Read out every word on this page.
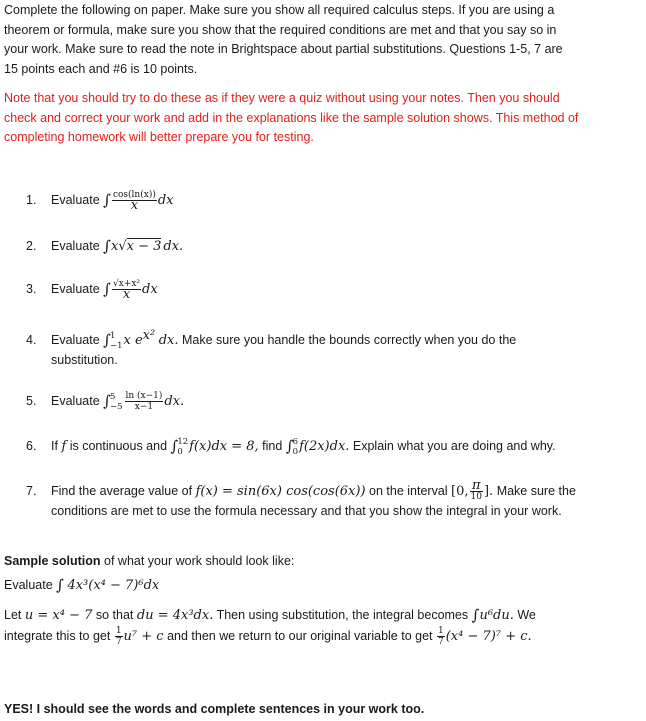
Complete the following on paper. Make sure you show all required calculus steps. If you are using a
theorem or formula, make sure you show that the required conditions are met and that you say so in
your work. Make sure to read the note in Brightspace about partial substitutions. Questions 1-5, 7 are
15 points each and #6 is 10 points.
Note that you should try to do these as if they were a quiz without using your notes. Then you should
check and correct your work and add in the explanations like the sample solution shows. This method of
completing homework will better prepare you for testing.
1. Evaluate ∫ $\frac{\cos(\ln(x))}{x}$ dx
2. Evaluate ∫x√x − 3 dx.
3. Evaluate ∫ $\frac{\text{√x+x²}}{x}$ dx
4. Evaluate ∫ 1
−1 x $e^{x^2}$ dx. Make sure you handle the bounds correctly when you do the
substitution.
5. Evaluate ∫ 5
$-5 \frac{\ln (x-1)}{x-1}$ dx.
6. If f is continuous and ∫ 12
0 f(x)dx = 8, find ∫ 6
0 f(2x)dx. Explain what you are doing and why.
7. Find the average value of f(x) = sin(6x) cos(cos(6x)) on the interval [0, $\frac{\pi}{10}$ ]. Make sure the
conditions are met to use the formula necessary and that you show the integral in your work.
Sample solution of what your work should look like:
Evaluate ∫ 4x³(x⁴ − 7)⁶dx
Let u = x⁴ − 7 so that du = 4x³dx. Then using substitution, the integral becomes ∫u⁶du. We
integrate this to get $\frac{1}{7} u^7 + c$ and then we return to our original variable to get $\frac{1}{7} (x^4 - 7)^7 + c$.
YES! I should see the words and complete sentences in your work too.
